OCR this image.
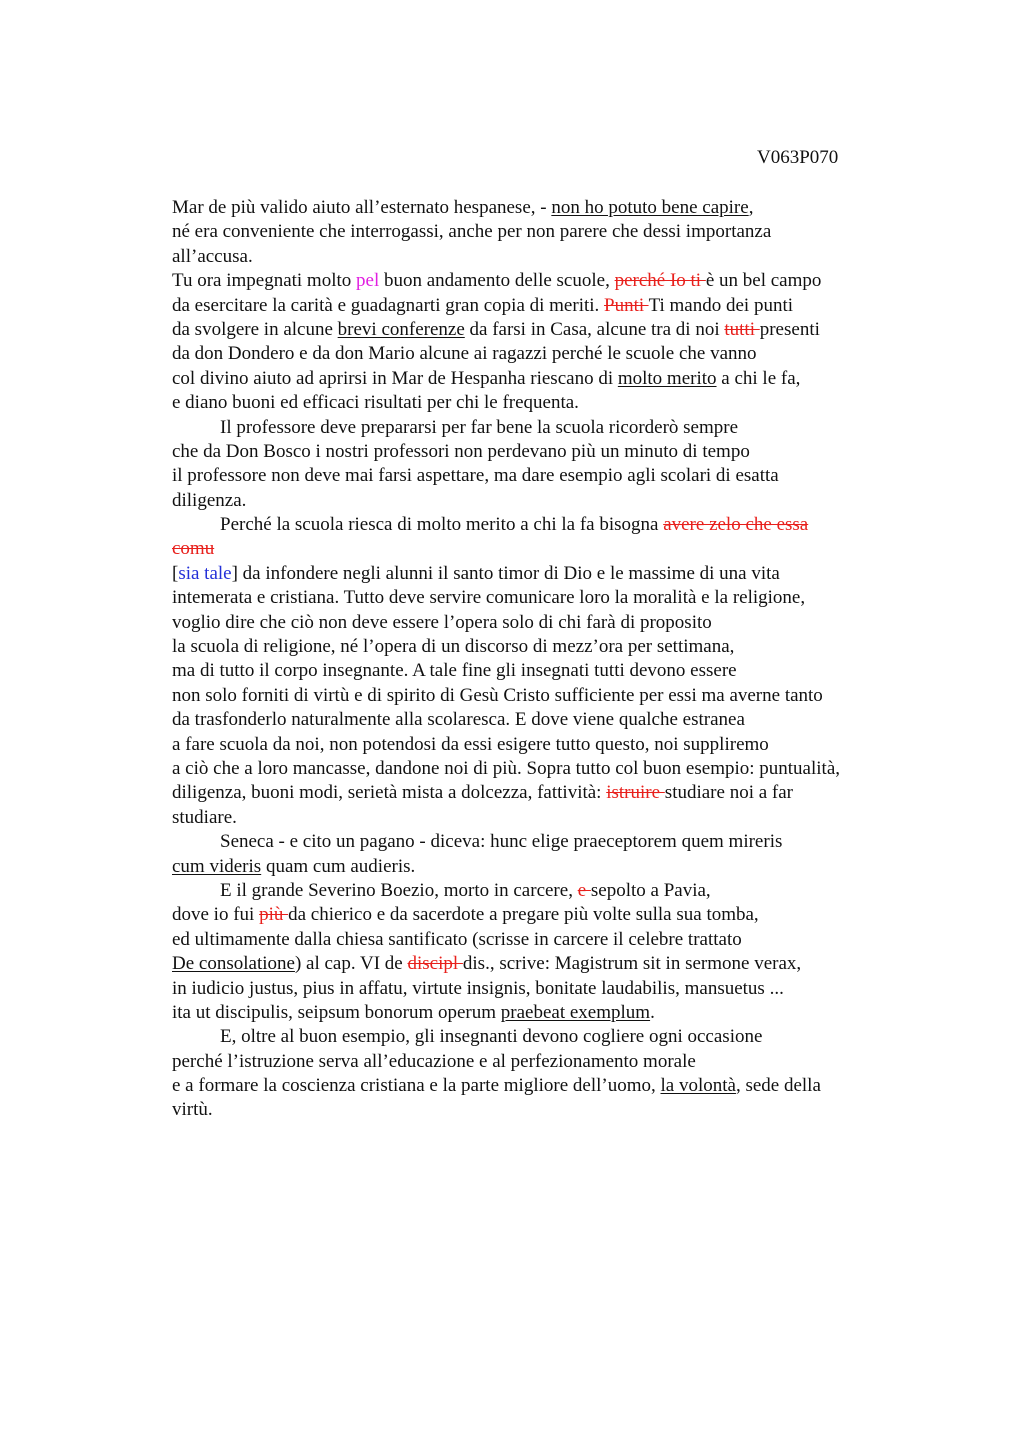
V063P070
Mar de più valido aiuto all’esternato hespanese, - non ho potuto bene capire,
né era conveniente che interrogassi, anche per non parere che dessi importanza
all’accusa.
Tu ora impegnati molto pel buon andamento delle scuole, perché Io ti è un bel campo
da esercitare la carità e guadagnarti gran copia di meriti. Punti Ti mando dei punti
da svolgere in alcune brevi conferenze da farsi in Casa, alcune tra di noi tutti presenti
da don Dondero e da don Mario alcune ai ragazzi perché le scuole che vanno
col divino aiuto ad aprirsi in Mar de Hespanha riescano di molto merito a chi le fa,
e diano buoni ed efficaci risultati per chi le frequenta.
Il professore deve prepararsi per far bene la scuola ricorderò sempre
che da Don Bosco i nostri professori non perdevano più un minuto di tempo
il professore non deve mai farsi aspettare, ma dare esempio agli scolari di esatta
diligenza.
Perché la scuola riesca di molto merito a chi la fa bisogna avere zelo che essa
comu
[sia tale] da infondere negli alunni il santo timor di Dio e le massime di una vita
intemerata e cristiana. Tutto deve servire comunicare loro la moralità e la religione,
voglio dire che ciò non deve essere l’opera solo di chi farà di proposito
la scuola di religione, né l’opera di un discorso di mezz’ora per settimana,
ma di tutto il corpo insegnante. A tale fine gli insegnati tutti devono essere
non solo forniti di virtù e di spirito di Gesù Cristo sufficiente per essi ma averne tanto
da trasfonderlo naturalmente alla scolaresca. E dove viene qualche estranea
a fare scuola da noi, non potendosi da essi esigere tutto questo, noi suppliremo
a ciò che a loro mancasse, dandone noi di più. Sopra tutto col buon esempio: puntualità,
diligenza, buoni modi, serietà mista a dolcezza, fattività: istruire studiare noi a far
studiare.
Seneca - e cito un pagano - diceva: hunc elige praeceptorem quem mireris
cum videris quam cum audieris.
E il grande Severino Boezio, morto in carcere, e sepolto a Pavia,
dove io fui più da chierico e da sacerdote a pregare più volte sulla sua tomba,
ed ultimamente dalla chiesa santificato (scrisse in carcere il celebre trattato
De consolatione) al cap. VI de discipl dis., scrive: Magistrum sit in sermone verax,
in iudicio justus, pius in affatu, virtute insignis, bonitate laudabilis, mansuetus ...
ita ut discipulis, seipsum bonorum operum praebeat exemplum.
E, oltre al buon esempio, gli insegnanti devono cogliere ogni occasione
perché l’istruzione serva all’educazione e al perfezionamento morale
e a formare la coscienza cristiana e la parte migliore dell’uomo, la volontà, sede della
virtù.
